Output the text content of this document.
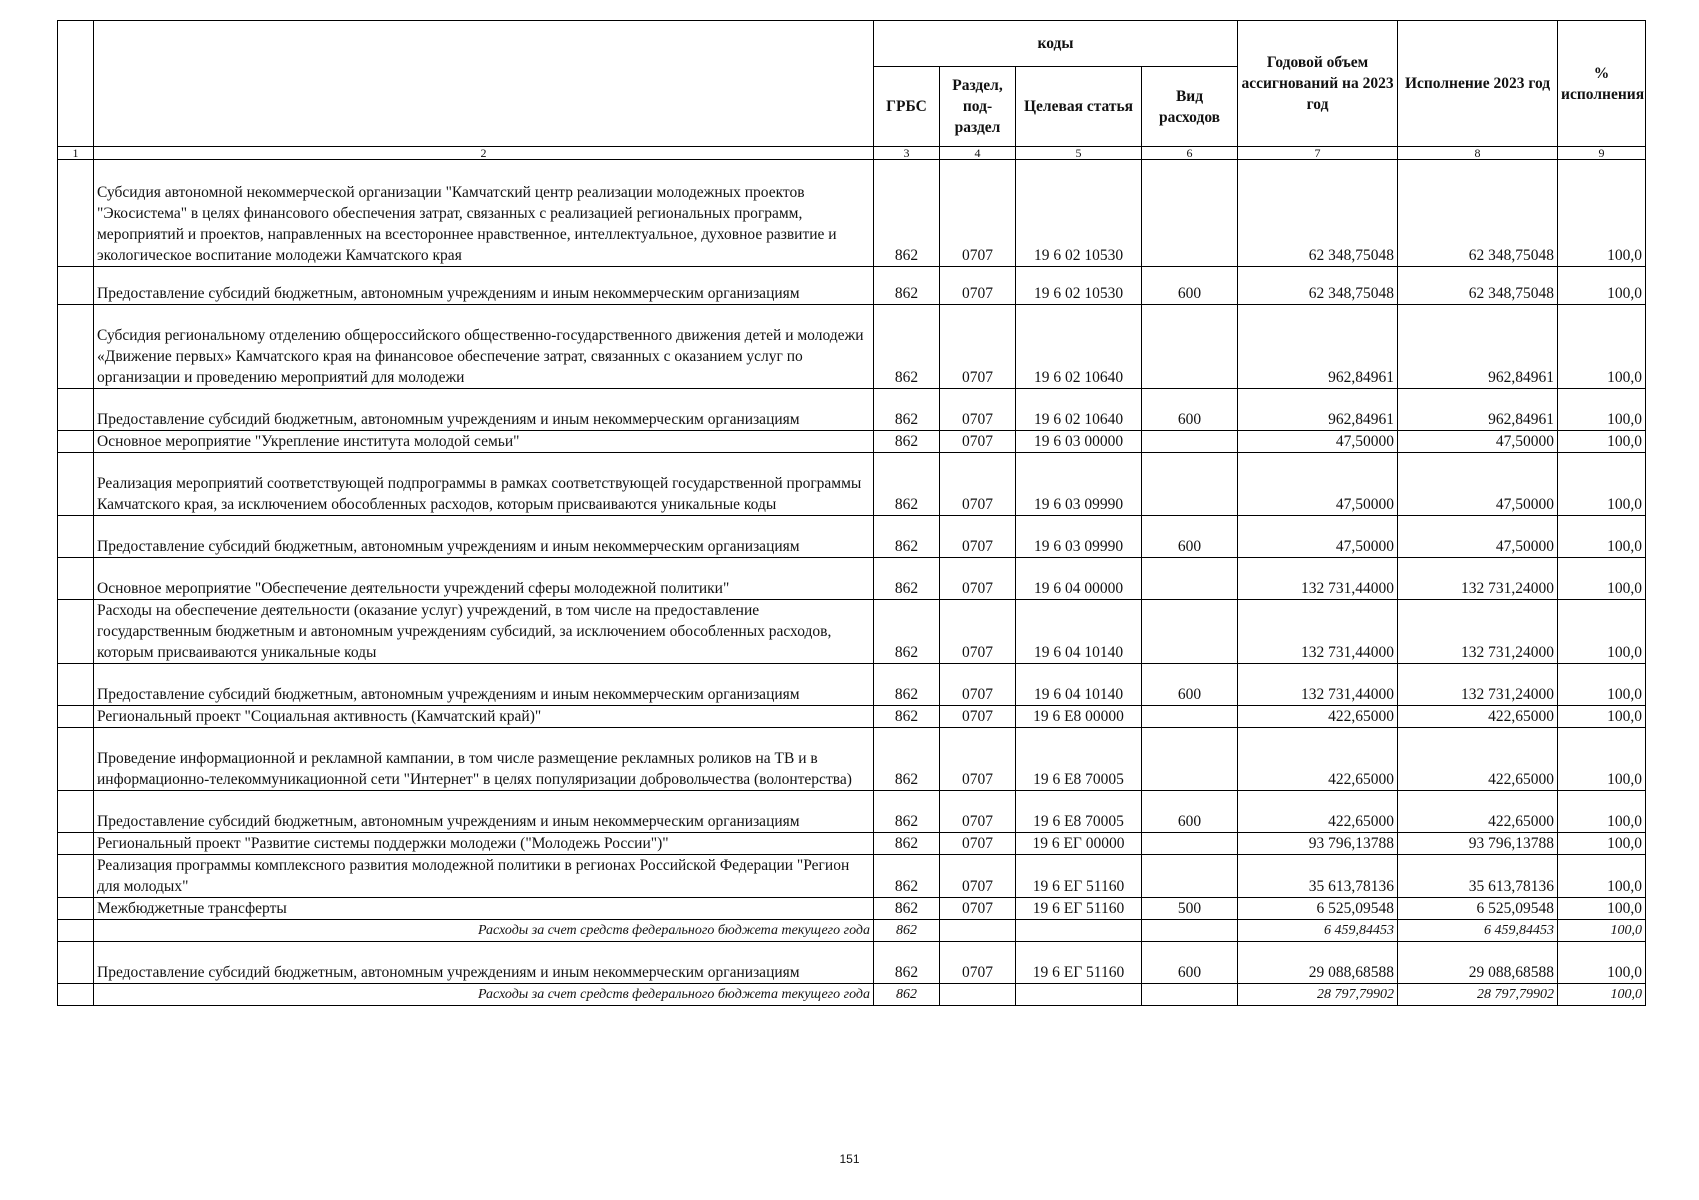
		коды				Годовой объем ассигнований на 2023 год	Исполнение 2023 год	% исполнения
		ГРБС	Раздел, под-раздел	Целевая статья	Вид расходов			
1	2	3	4	5	6	7	8	9
	Субсидия автономной некоммерческой организации "Камчатский центр реализации молодежных проектов "Экосистема" в целях финансового обеспечения затрат, связанных с реализацией региональных программ, мероприятий и проектов, направленных на всестороннее нравственное, интеллектуальное, духовное развитие и экологическое воспитание молодежи Камчатского края	862	0707	19 6 02 10530		62 348,75048	62 348,75048	100,0
	Предоставление субсидий бюджетным, автономным учреждениям и иным некоммерческим организациям	862	0707	19 6 02 10530	600	62 348,75048	62 348,75048	100,0
	Субсидия региональному отделению общероссийского общественно-государственного движения детей и молодежи «Движение первых» Камчатского края на финансовое обеспечение затрат, связанных с оказанием услуг по организации и проведению мероприятий для молодежи	862	0707	19 6 02 10640		962,84961	962,84961	100,0
	Предоставление субсидий бюджетным, автономным учреждениям и иным некоммерческим организациям	862	0707	19 6 02 10640	600	962,84961	962,84961	100,0
	Основное мероприятие "Укрепление института молодой семьи"	862	0707	19 6 03 00000		47,50000	47,50000	100,0
	Реализация мероприятий соответствующей подпрограммы в рамках соответствующей государственной программы Камчатского края, за исключением обособленных расходов, которым присваиваются уникальные коды	862	0707	19 6 03 09990		47,50000	47,50000	100,0
	Предоставление субсидий бюджетным, автономным учреждениям и иным некоммерческим организациям	862	0707	19 6 03 09990	600	47,50000	47,50000	100,0
	Основное мероприятие "Обеспечение деятельности учреждений сферы молодежной политики"	862	0707	19 6 04 00000		132 731,44000	132 731,24000	100,0
	Расходы на обеспечение деятельности (оказание услуг) учреждений, в том числе на предоставление государственным бюджетным и автономным учреждениям субсидий, за исключением обособленных расходов, которым присваиваются уникальные коды	862	0707	19 6 04 10140		132 731,44000	132 731,24000	100,0
	Предоставление субсидий бюджетным, автономным учреждениям и иным некоммерческим организациям	862	0707	19 6 04 10140	600	132 731,44000	132 731,24000	100,0
	Региональный проект "Социальная активность (Камчатский край)"	862	0707	19 6 E8 00000		422,65000	422,65000	100,0
	Проведение информационной и рекламной кампании, в том числе размещение рекламных роликов на ТВ и в информационно-телекоммуникационной сети "Интернет" в целях популяризации добровольчества (волонтерства)	862	0707	19 6 E8 70005		422,65000	422,65000	100,0
	Предоставление субсидий бюджетным, автономным учреждениям и иным некоммерческим организациям	862	0707	19 6 E8 70005	600	422,65000	422,65000	100,0
	Региональный проект "Развитие системы поддержки молодежи ("Молодежь России")"	862	0707	19 6 ЕГ 00000		93 796,13788	93 796,13788	100,0
	Реализация программы комплексного развития молодежной политики в регионах Российской Федерации "Регион для молодых"	862	0707	19 6 ЕГ 51160		35 613,78136	35 613,78136	100,0
	Межбюджетные трансферты	862	0707	19 6 ЕГ 51160	500	6 525,09548	6 525,09548	100,0
	Расходы за счет средств федерального бюджета текущего года	862				6 459,84453	6 459,84453	100,0
	Предоставление субсидий бюджетным, автономным учреждениям и иным некоммерческим организациям	862	0707	19 6 ЕГ 51160	600	29 088,68588	29 088,68588	100,0
	Расходы за счет средств федерального бюджета текущего года	862				28 797,79902	28 797,79902	100,0
151
